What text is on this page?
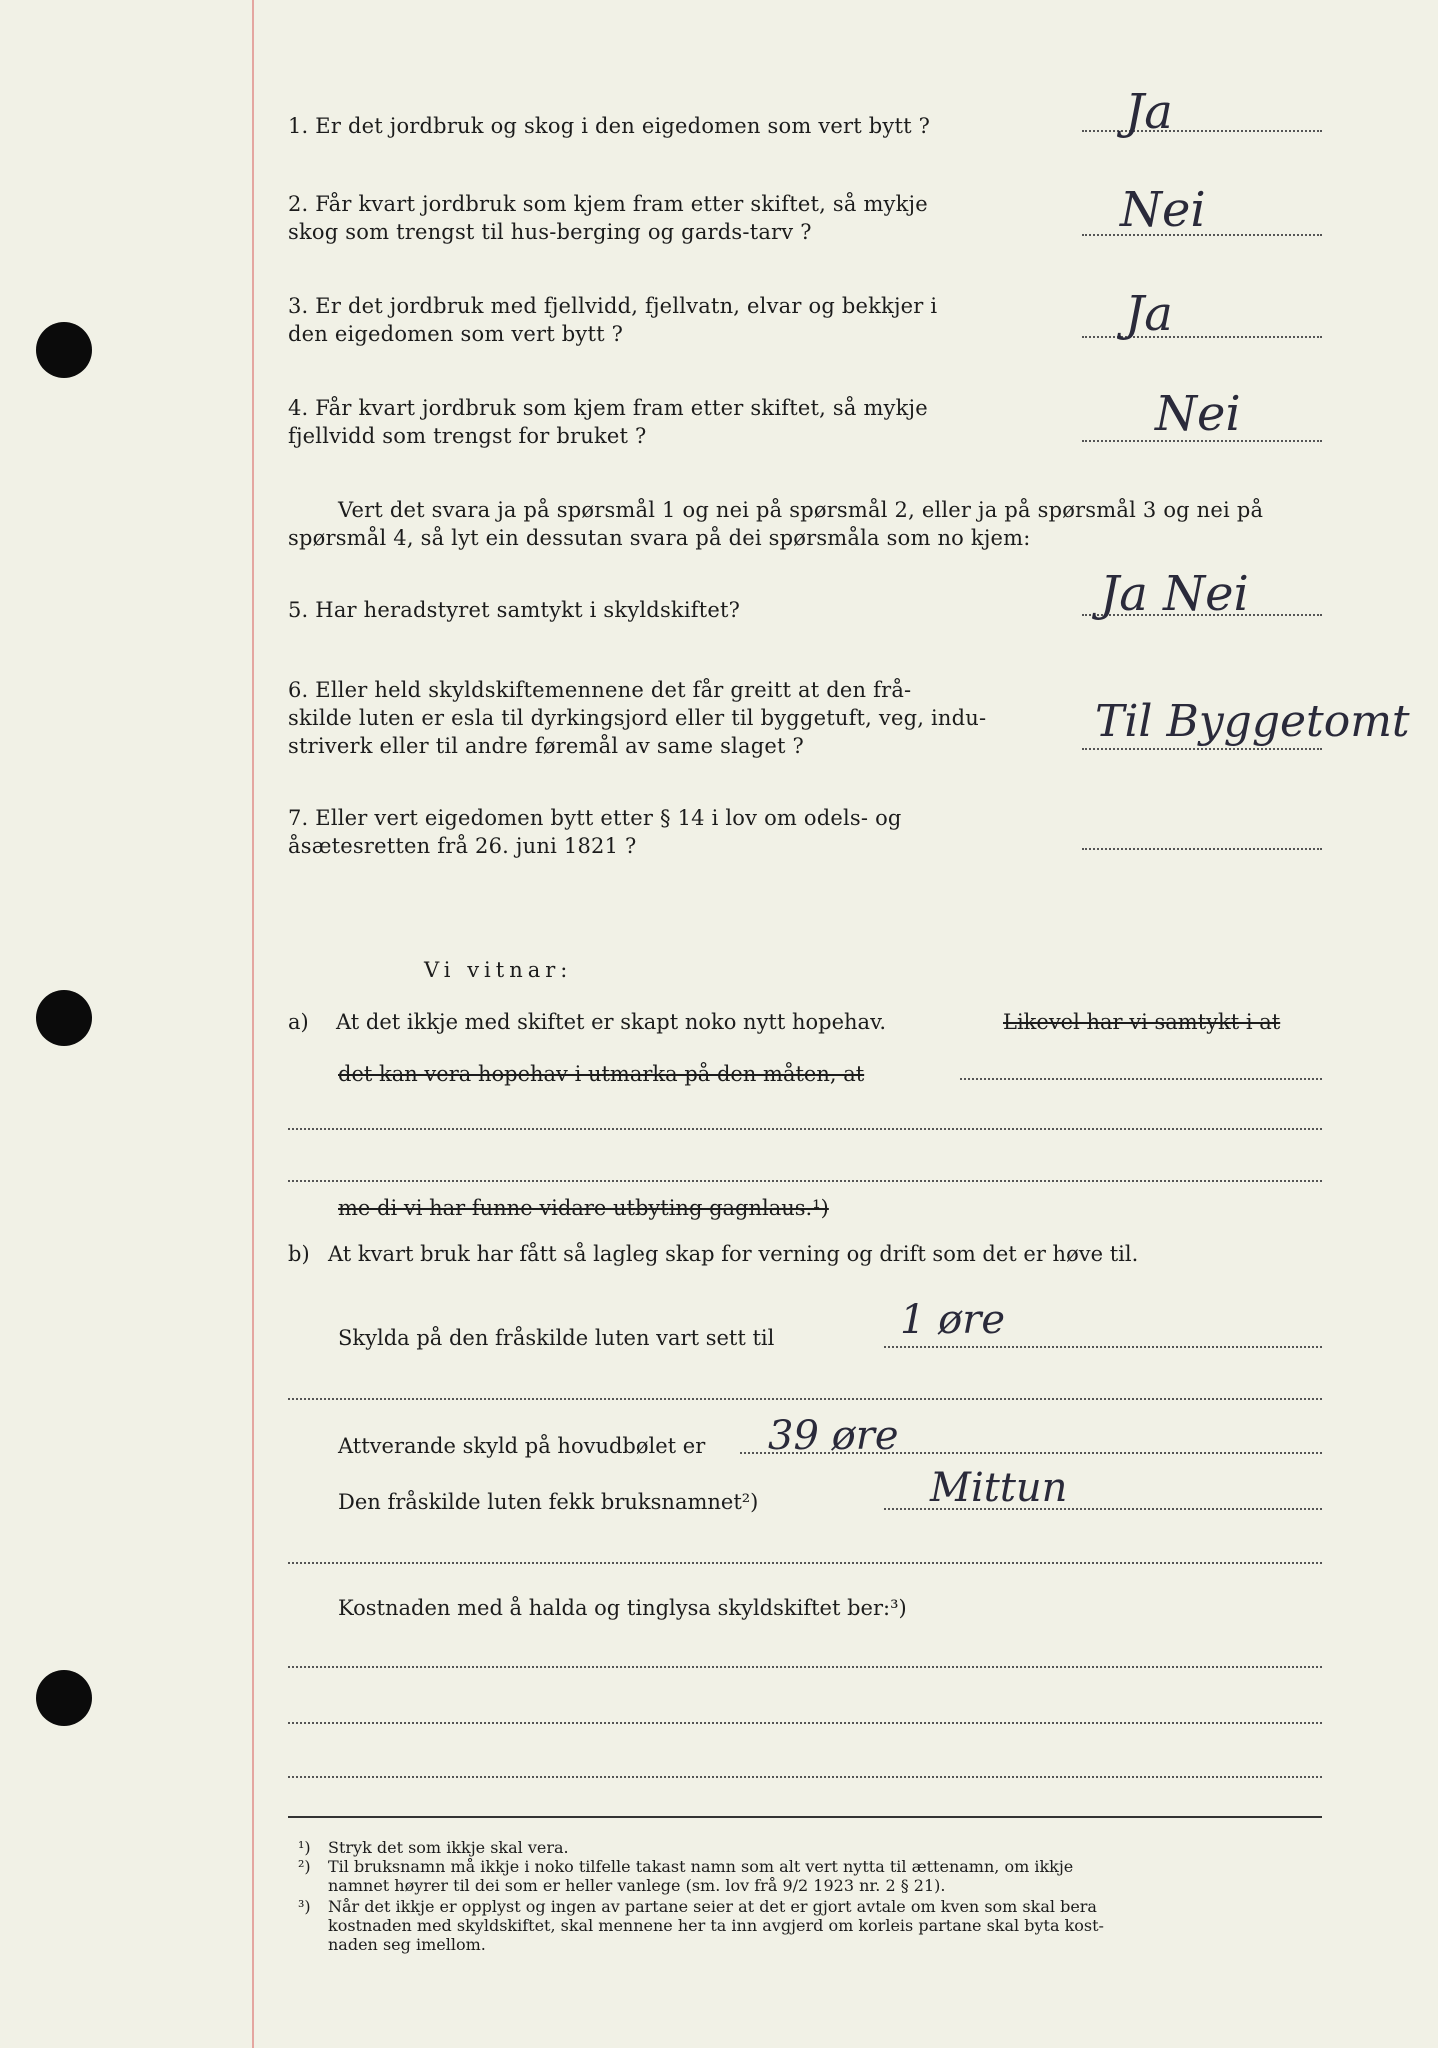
1. Er det jordbruk og skog i den eigedomen som vert bytt ?	Ja
2. Får kvart jordbruk som kjem fram etter skiftet, så mykje
skog som trengst til hus-berging og gards-tarv ?	Nei
3. Er det jordbruk med fjellvidd, fjellvatn, elvar og bekkjer i
den eigedomen som vert bytt ?	Ja
4. Får kvart jordbruk som kjem fram etter skiftet, så mykje
fjellvidd som trengst for bruket ?	Nei
Vert det svara ja på spørsmål 1 og nei på spørsmål 2, eller ja på spørsmål 3 og nei på
spørsmål 4, så lyt ein dessutan svara på dei spørsmåla som no kjem:
5. Har heradstyret samtykt i skyldskiftet?	Ja Nei
6. Eller held skyldskiftemennene det får greitt at den frå-
skilde luten er esla til dyrkingsjord eller til byggetuft, veg, indu-
striverk eller til andre føremål av same slaget ?	Til Byggetomt
7. Eller vert eigedomen bytt etter § 14 i lov om odels- og
åsætesretten frå 26. juni 1821 ?
Vi vitnar:
a) At det ikkje med skiftet er skapt noko nytt hopehav.	Likevel har vi samtykt i at
det kan vera hopehav i utmarka på den måten, at
me di vi har funne vidare utbyting gagnlaus.¹)
b) At kvart bruk har fått så lagleg skap for verning og drift som det er høve til.
Skylda på den fråskilde luten vart sett til	1 øre
Attverande skyld på hovudbølet er 39 øre
Den fråskilde luten fekk bruksnamnet²)	Mittun
Kostnaden med å halda og tinglysa skyldskiftet ber:³)
¹) Stryk det som ikkje skal vera.
²) Til bruksnamn må ikkje i noko tilfelle takast namn som alt vert nytta til ættenamn, om ikkje
namnet høyrer til dei som er heller vanlege (sm. lov frå 9/2 1923 nr. 2 § 21).
³) Når det ikkje er opplyst og ingen av partane seier at det er gjort avtale om kven som skal bera
kostnaden med skyldskiftet, skal mennene her ta inn avgjerd om korleis partane skal byta kost-
naden seg imellom.
